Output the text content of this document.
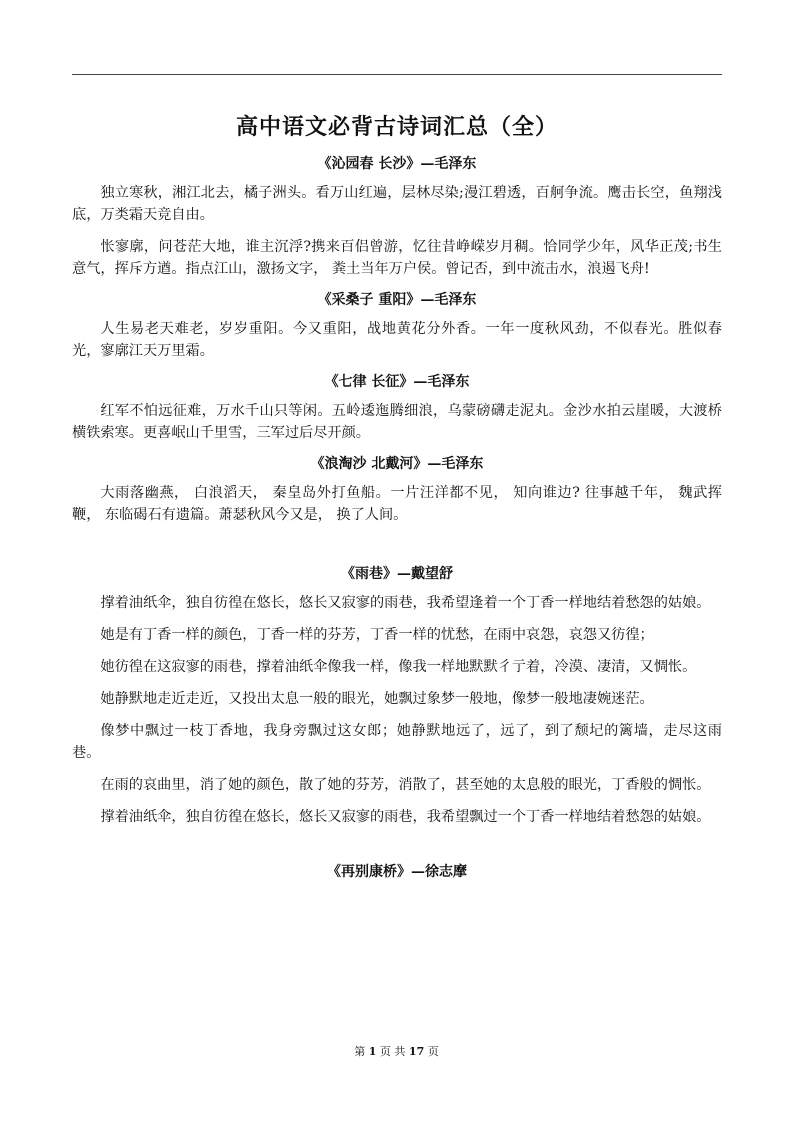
高中语文必背古诗词汇总（全）
《沁园春 长沙》—毛泽东

独立寒秋，湘江北去，橘子洲头。看万山红遍，层林尽染;漫江碧透，百舸争流。鹰击长空，鱼翔浅底，万类霜天竞自由。

怅寥廓，问苍茫大地，谁主沉浮?携来百侣曾游，忆往昔峥嵘岁月稠。恰同学少年，风华正茂;书生意气，挥斥方遒。指点江山，激扬文字， 粪土当年万户侯。曾记否，到中流击水，浪遏飞舟!

《采桑子 重阳》—毛泽东

人生易老天难老，岁岁重阳。今又重阳，战地黄花分外香。一年一度秋风劲，不似春光。胜似春光，寥廓江天万里霜。

《七律 长征》—毛泽东

红军不怕远征难，万水千山只等闲。五岭逶迤腾细浪，乌蒙磅礴走泥丸。金沙水拍云崖暖，大渡桥横铁索寒。更喜岷山千里雪，三军过后尽开颜。

《浪淘沙 北戴河》—毛泽东

大雨落幽燕， 白浪滔天， 秦皇岛外打鱼船。一片汪洋都不见， 知向谁边? 往事越千年， 魏武挥鞭， 东临碣石有遗篇。萧瑟秋风今又是， 换了人间。

《雨巷》—戴望舒

撑着油纸伞，独自彷徨在悠长，悠长又寂寥的雨巷，我希望逢着一个丁香一样地结着愁怨的姑娘。

她是有丁香一样的颜色，丁香一样的芬芳，丁香一样的忧愁，在雨中哀怨，哀怨又彷徨；

她彷徨在这寂寥的雨巷，撑着油纸伞像我一样，像我一样地默默彳亍着，冷漠、凄清，又惆怅。

她静默地走近走近，又投出太息一般的眼光，她飘过象梦一般地，像梦一般地凄婉迷茫。

像梦中飘过一枝丁香地，我身旁飘过这女郎；她静默地远了，远了，到了颓圮的篱墙，走尽这雨巷。

在雨的哀曲里，消了她的颜色，散了她的芬芳，消散了，甚至她的太息般的眼光，丁香般的惆怅。

撑着油纸伞，独自彷徨在悠长，悠长又寂寥的雨巷，我希望飘过一个丁香一样地结着愁怨的姑娘。

《再别康桥》—徐志摩
第 1 页 共 17 页
